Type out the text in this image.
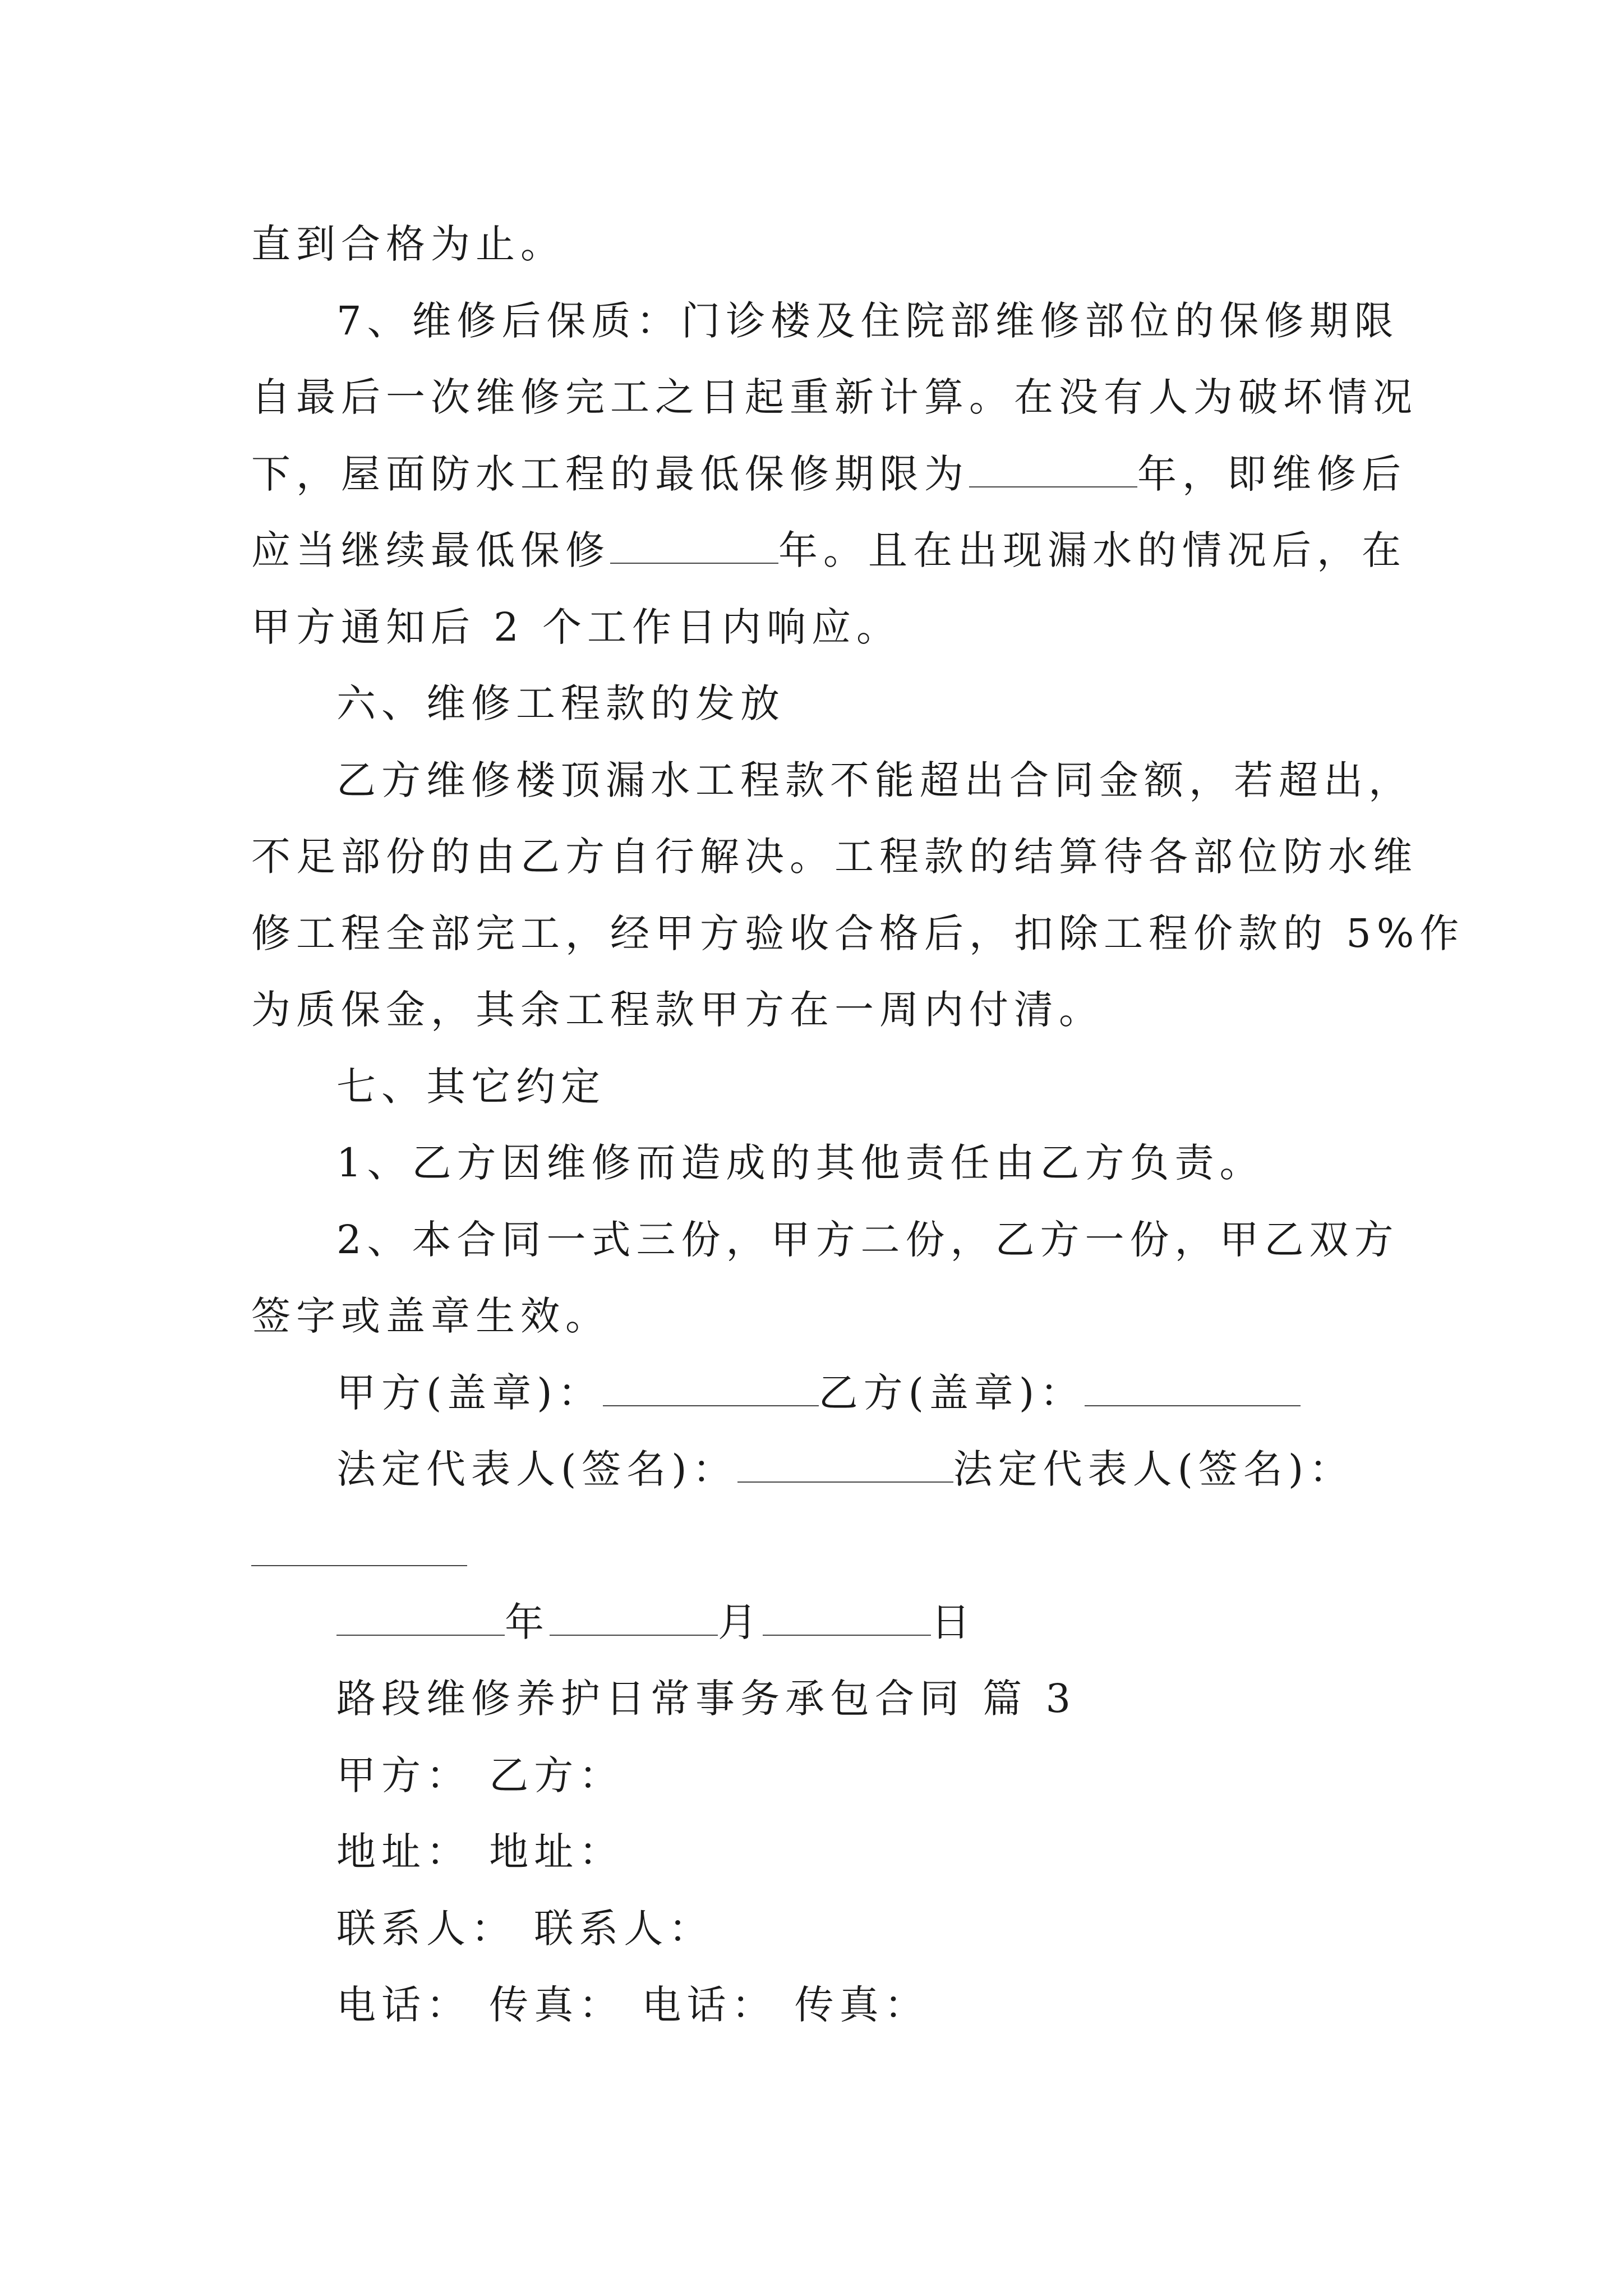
直到合格为止。
7、维修后保质：门诊楼及住院部维修部位的保修期限
自最后一次维修完工之日起重新计算。在没有人为破坏情况
下，屋面防水工程的最低保修期限为	年，即维修后
应当继续最低保修	年。且在出现漏水的情况后，在
甲方通知后 2 个工作日内响应。
六、维修工程款的发放
乙方维修楼顶漏水工程款不能超出合同金额，若超出，
不足部份的由乙方自行解决。工程款的结算待各部位防水维
修工程全部完工，经甲方验收合格后，扣除工程价款的 5%作
为质保金，其余工程款甲方在一周内付清。
七、其它约定
1、乙方因维修而造成的其他责任由乙方负责。
2、本合同一式三份，甲方二份，乙方一份，甲乙双方
签字或盖章生效。
甲方(盖章)：	乙方(盖章)：
法定代表人(签名)：	法定代表人(签名)：
年	月	日
路段维修养护日常事务承包合同 篇 3
甲方： 乙方：
地址： 地址：
联系人： 联系人：
电话： 传真： 电话： 传真：
